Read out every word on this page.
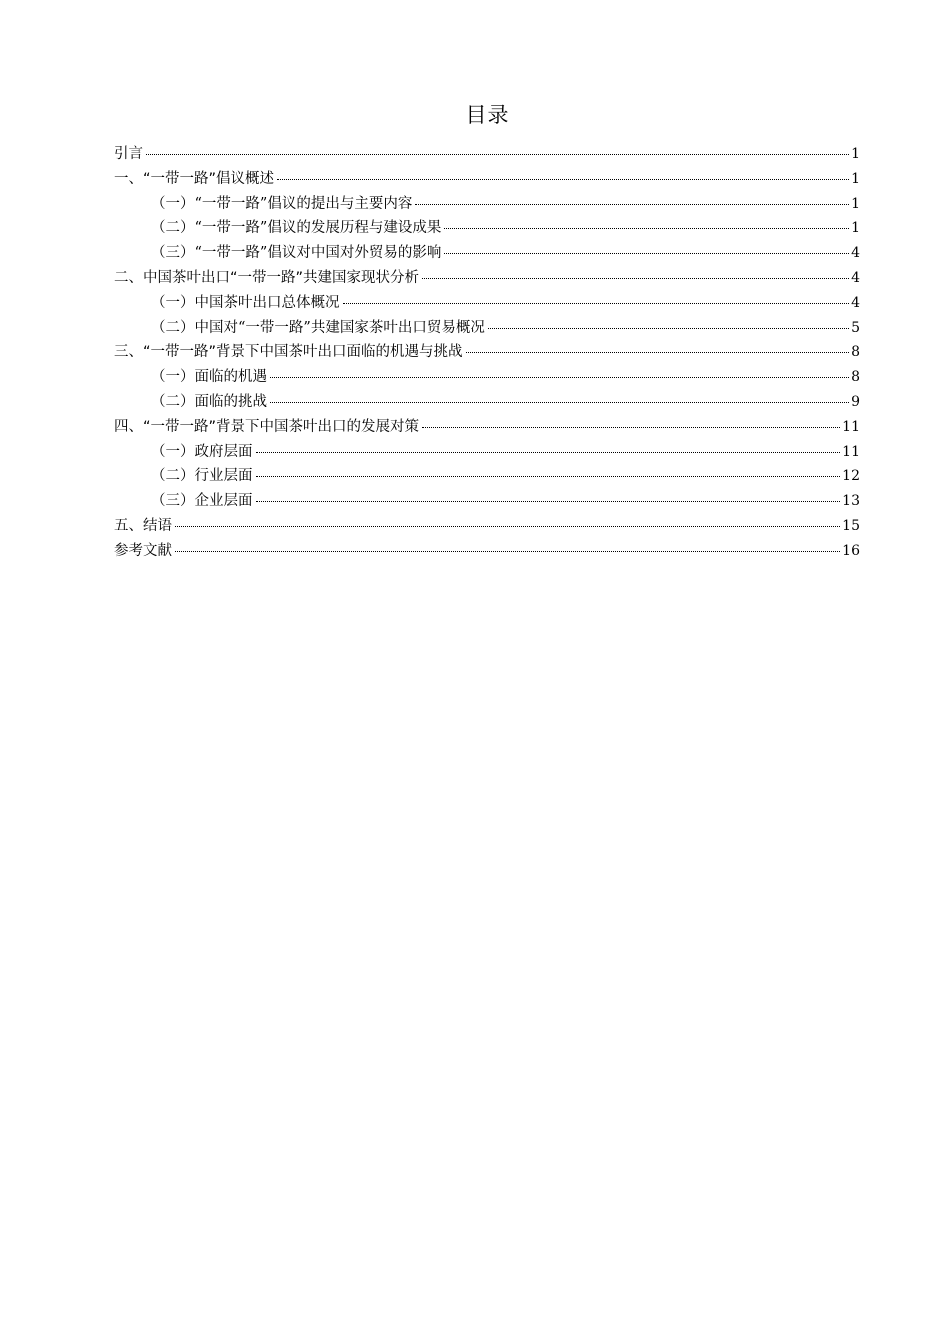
目录
引言	1
一、“一带一路”倡议概述	1
（一）“一带一路”倡议的提出与主要内容	1
（二）“一带一路”倡议的发展历程与建设成果	1
（三）“一带一路”倡议对中国对外贸易的影响	4
二、中国茶叶出口“一带一路”共建国家现状分析	4
（一）中国茶叶出口总体概况	4
（二）中国对“一带一路”共建国家茶叶出口贸易概况	5
三、“一带一路”背景下中国茶叶出口面临的机遇与挑战	8
（一）面临的机遇	8
（二）面临的挑战	9
四、“一带一路”背景下中国茶叶出口的发展对策	11
（一）政府层面	11
（二）行业层面	12
（三）企业层面	13
五、结语	15
参考文献	16
